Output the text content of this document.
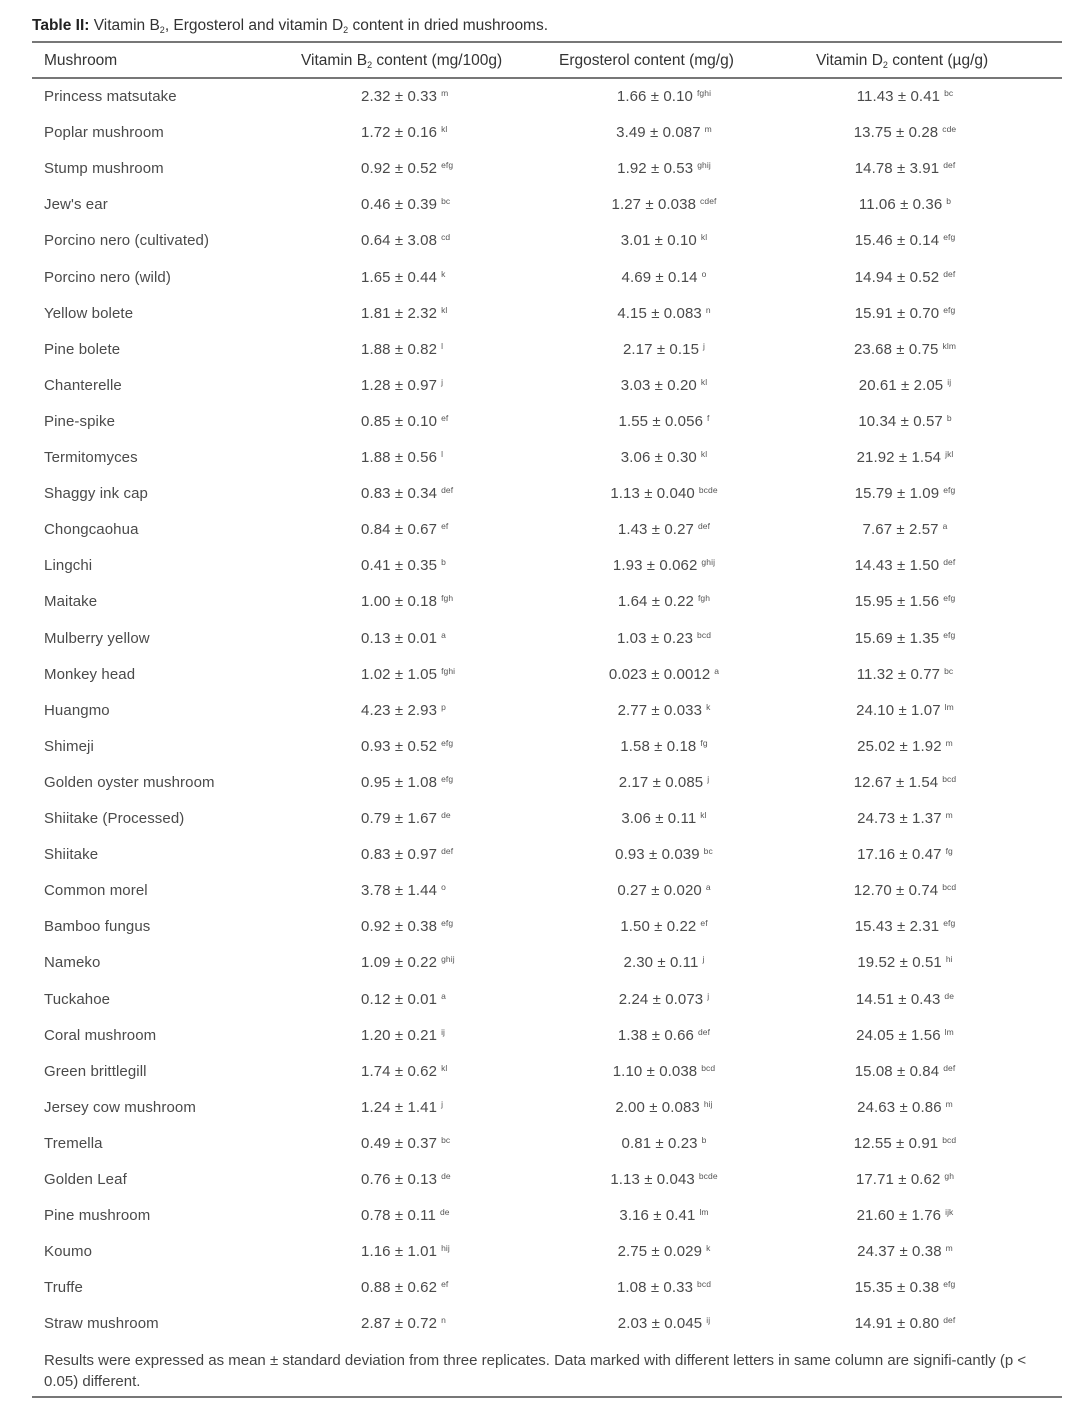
Table II: Vitamin $B_2$, Ergosterol and vitamin $D_2$ content in dried mushrooms.
Mushroom	Vitamin $B_2$ content (mg/100g)	Ergosterol content (mg/g)	Vitamin $D_2$ content (µg/g)
Princess matsutake	2.32 ± 0.33 $^m$	1.66 ± 0.10 $^{fghi}$	11.43 ± 0.41 $^{bc}$
Poplar mushroom	1.72 ± 0.16 $^{kl}$	3.49 ± 0.087 $^m$	13.75 ± 0.28 $^{cde}$
Stump mushroom	0.92 ± 0.52 $^{efg}$	1.92 ± 0.53 $^{ghij}$	14.78 ± 3.91 $^{def}$
Jew's ear	0.46 ± 0.39 $^{bc}$	1.27 ± 0.038 $^{cdef}$	11.06 ± 0.36 $^b$
Porcino nero (cultivated)	0.64 ± 3.08 $^{cd}$	3.01 ± 0.10 $^{kl}$	15.46 ± 0.14 $^{efg}$
Porcino nero (wild)	1.65 ± 0.44 $^k$	4.69 ± 0.14 $^o$	14.94 ± 0.52 $^{def}$
Yellow bolete	1.81 ± 2.32 $^{kl}$	4.15 ± 0.083 $^n$	15.91 ± 0.70 $^{efg}$
Pine bolete	1.88 ± 0.82 $^l$	2.17 ± 0.15 $^j$	23.68 ± 0.75 $^{klm}$
Chanterelle	1.28 ± 0.97 $^j$	3.03 ± 0.20 $^{kl}$	20.61 ± 2.05 $^{ij}$
Pine-spike	0.85 ± 0.10 $^{ef}$	1.55 ± 0.056 $^f$	10.34 ± 0.57 $^b$
Termitomyces	1.88 ± 0.56 $^l$	3.06 ± 0.30 $^{kl}$	21.92 ± 1.54 $^{jkl}$
Shaggy ink cap	0.83 ± 0.34 $^{def}$	1.13 ± 0.040 $^{bcde}$	15.79 ± 1.09 $^{efg}$
Chongcaohua	0.84 ± 0.67 $^{ef}$	1.43 ± 0.27 $^{def}$	7.67 ± 2.57 $^a$
Lingchi	0.41 ± 0.35 $^b$	1.93 ± 0.062 $^{ghij}$	14.43 ± 1.50 $^{def}$
Maitake	1.00 ± 0.18 $^{fgh}$	1.64 ± 0.22 $^{fgh}$	15.95 ± 1.56 $^{efg}$
Mulberry yellow	0.13 ± 0.01 $^a$	1.03 ± 0.23 $^{bcd}$	15.69 ± 1.35 $^{efg}$
Monkey head	1.02 ± 1.05 $^{fghi}$	0.023 ± 0.0012 $^a$	11.32 ± 0.77 $^{bc}$
Huangmo	4.23 ± 2.93 $^p$	2.77 ± 0.033 $^k$	24.10 ± 1.07 $^{lm}$
Shimeji	0.93 ± 0.52 $^{efg}$	1.58 ± 0.18 $^{fg}$	25.02 ± 1.92 $^m$
Golden oyster mushroom	0.95 ± 1.08 $^{efg}$	2.17 ± 0.085 $^j$	12.67 ± 1.54 $^{bcd}$
Shiitake (Processed)	0.79 ± 1.67 $^{de}$	3.06 ± 0.11 $^{kl}$	24.73 ± 1.37 $^m$
Shiitake	0.83 ± 0.97 $^{def}$	0.93 ± 0.039 $^{bc}$	17.16 ± 0.47 $^{fg}$
Common morel	3.78 ± 1.44 $^o$	0.27 ± 0.020 $^a$	12.70 ± 0.74 $^{bcd}$
Bamboo fungus	0.92 ± 0.38 $^{efg}$	1.50 ± 0.22 $^{ef}$	15.43 ± 2.31 $^{efg}$
Nameko	1.09 ± 0.22 $^{ghij}$	2.30 ± 0.11 $^j$	19.52 ± 0.51 $^{hi}$
Tuckahoe	0.12 ± 0.01 $^a$	2.24 ± 0.073 $^j$	14.51 ± 0.43 $^{de}$
Coral mushroom	1.20 ± 0.21 $^{ij}$	1.38 ± 0.66 $^{def}$	24.05 ± 1.56 $^{lm}$
Green brittlegill	1.74 ± 0.62 $^{kl}$	1.10 ± 0.038 $^{bcd}$	15.08 ± 0.84 $^{def}$
Jersey cow mushroom	1.24 ± 1.41 $^j$	2.00 ± 0.083 $^{hij}$	24.63 ± 0.86 $^m$
Tremella	0.49 ± 0.37 $^{bc}$	0.81 ± 0.23 $^b$	12.55 ± 0.91 $^{bcd}$
Golden Leaf	0.76 ± 0.13 $^{de}$	1.13 ± 0.043 $^{bcde}$	17.71 ± 0.62 $^{gh}$
Pine mushroom	0.78 ± 0.11 $^{de}$	3.16 ± 0.41 $^{lm}$	21.60 ± 1.76 $^{ijk}$
Koumo	1.16 ± 1.01 $^{hij}$	2.75 ± 0.029 $^k$	24.37 ± 0.38 $^m$
Truffe	0.88 ± 0.62 $^{ef}$	1.08 ± 0.33 $^{bcd}$	15.35 ± 0.38 $^{efg}$
Straw mushroom	2.87 ± 0.72 $^n$	2.03 ± 0.045 $^{ij}$	14.91 ± 0.80 $^{def}$
Results were expressed as mean ± standard deviation from three replicates. Data marked with different letters in same column are signifi-cantly (p < 0.05) different.
